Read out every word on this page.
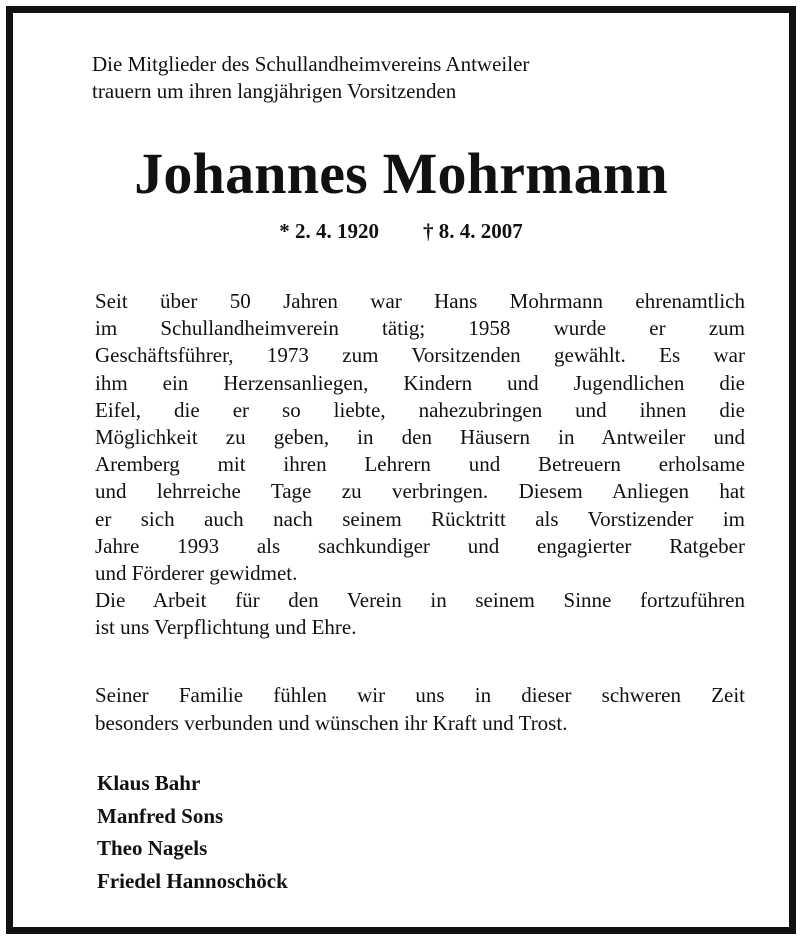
Die Mitglieder des Schullandheimvereins Antweiler
trauern um ihren langjährigen Vorsitzenden
Johannes Mohrmann
* 2. 4. 1920 † 8. 4. 2007
Seit über 50 Jahren war Hans Mohrmann ehrenamtlich
im Schullandheimverein tätig; 1958 wurde er zum
Geschäftsführer, 1973 zum Vorsitzenden gewählt. Es war
ihm ein Herzensanliegen, Kindern und Jugendlichen die
Eifel, die er so liebte, nahezubringen und ihnen die
Möglichkeit zu geben, in den Häusern in Antweiler und
Aremberg mit ihren Lehrern und Betreuern erholsame
und lehrreiche Tage zu verbringen. Diesem Anliegen hat
er sich auch nach seinem Rücktritt als Vorstizender im
Jahre 1993 als sachkundiger und engagierter Ratgeber
und Förderer gewidmet.
Die Arbeit für den Verein in seinem Sinne fortzuführen
ist uns Verpflichtung und Ehre.
Seiner Familie fühlen wir uns in dieser schweren Zeit
besonders verbunden und wünschen ihr Kraft und Trost.
Klaus Bahr
Manfred Sons
Theo Nagels
Friedel Hannoschöck
